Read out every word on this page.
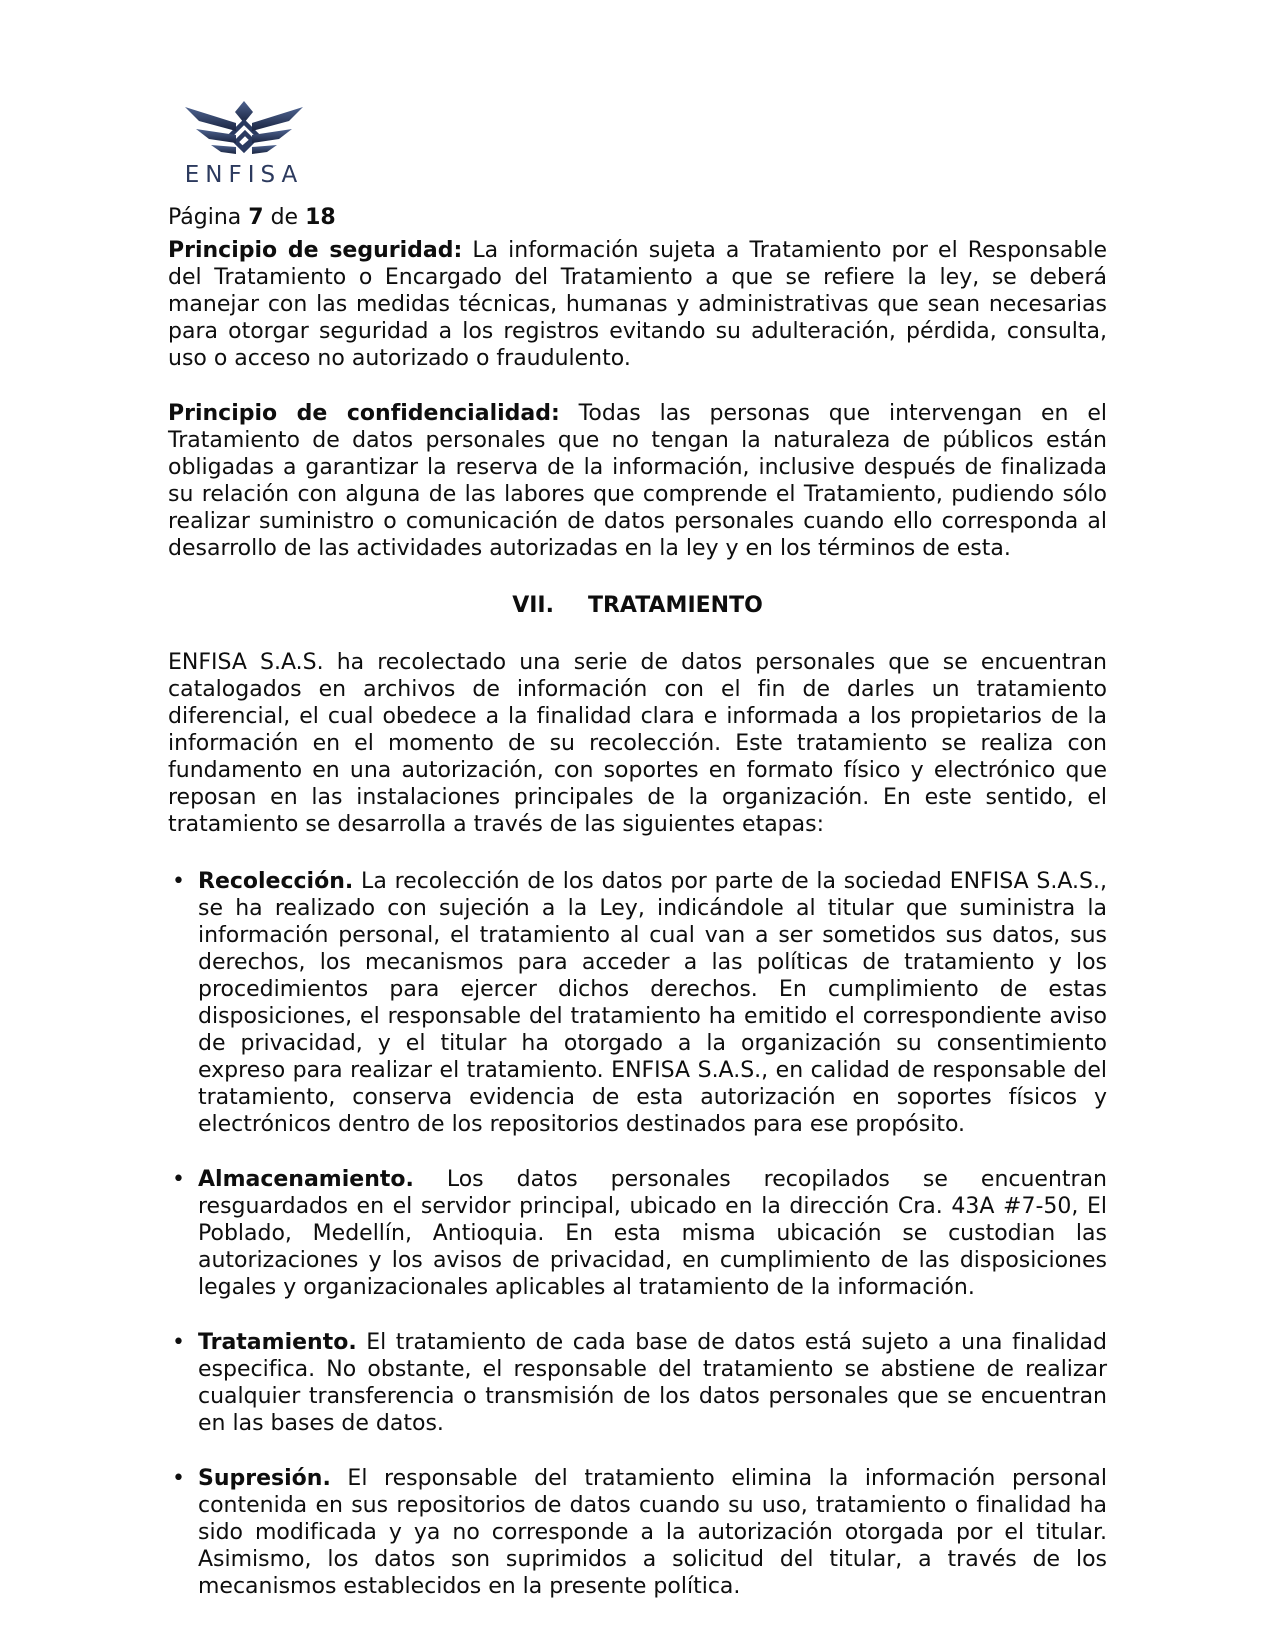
ENFISA
Página 7 de 18

Principio de seguridad: La información sujeta a Tratamiento por el Responsable del Tratamiento o Encargado del Tratamiento a que se refiere la ley, se deberá manejar con las medidas técnicas, humanas y administrativas que sean necesarias para otorgar seguridad a los registros evitando su adulteración, pérdida, consulta, uso o acceso no autorizado o fraudulento.

Principio de confidencialidad: Todas las personas que intervengan en el Tratamiento de datos personales que no tengan la naturaleza de públicos están obligadas a garantizar la reserva de la información, inclusive después de finalizada su relación con alguna de las labores que comprende el Tratamiento, pudiendo sólo realizar suministro o comunicación de datos personales cuando ello corresponda al desarrollo de las actividades autorizadas en la ley y en los términos de esta.

VII. TRATAMIENTO

ENFISA S.A.S. ha recolectado una serie de datos personales que se encuentran catalogados en archivos de información con el fin de darles un tratamiento diferencial, el cual obedece a la finalidad clara e informada a los propietarios de la información en el momento de su recolección. Este tratamiento se realiza con fundamento en una autorización, con soportes en formato físico y electrónico que reposan en las instalaciones principales de la organización. En este sentido, el tratamiento se desarrolla a través de las siguientes etapas:

• Recolección. La recolección de los datos por parte de la sociedad ENFISA S.A.S., se ha realizado con sujeción a la Ley, indicándole al titular que suministra la información personal, el tratamiento al cual van a ser sometidos sus datos, sus derechos, los mecanismos para acceder a las políticas de tratamiento y los procedimientos para ejercer dichos derechos. En cumplimiento de estas disposiciones, el responsable del tratamiento ha emitido el correspondiente aviso de privacidad, y el titular ha otorgado a la organización su consentimiento expreso para realizar el tratamiento. ENFISA S.A.S., en calidad de responsable del tratamiento, conserva evidencia de esta autorización en soportes físicos y electrónicos dentro de los repositorios destinados para ese propósito.
• Almacenamiento. Los datos personales recopilados se encuentran resguardados en el servidor principal, ubicado en la dirección Cra. 43A #7-50, El Poblado, Medellín, Antioquia. En esta misma ubicación se custodian las autorizaciones y los avisos de privacidad, en cumplimiento de las disposiciones legales y organizacionales aplicables al tratamiento de la información.
• Tratamiento. El tratamiento de cada base de datos está sujeto a una finalidad especifica. No obstante, el responsable del tratamiento se abstiene de realizar cualquier transferencia o transmisión de los datos personales que se encuentran en las bases de datos.
• Supresión. El responsable del tratamiento elimina la información personal contenida en sus repositorios de datos cuando su uso, tratamiento o finalidad ha sido modificada y ya no corresponde a la autorización otorgada por el titular. Asimismo, los datos son suprimidos a solicitud del titular, a través de los mecanismos establecidos en la presente política.
